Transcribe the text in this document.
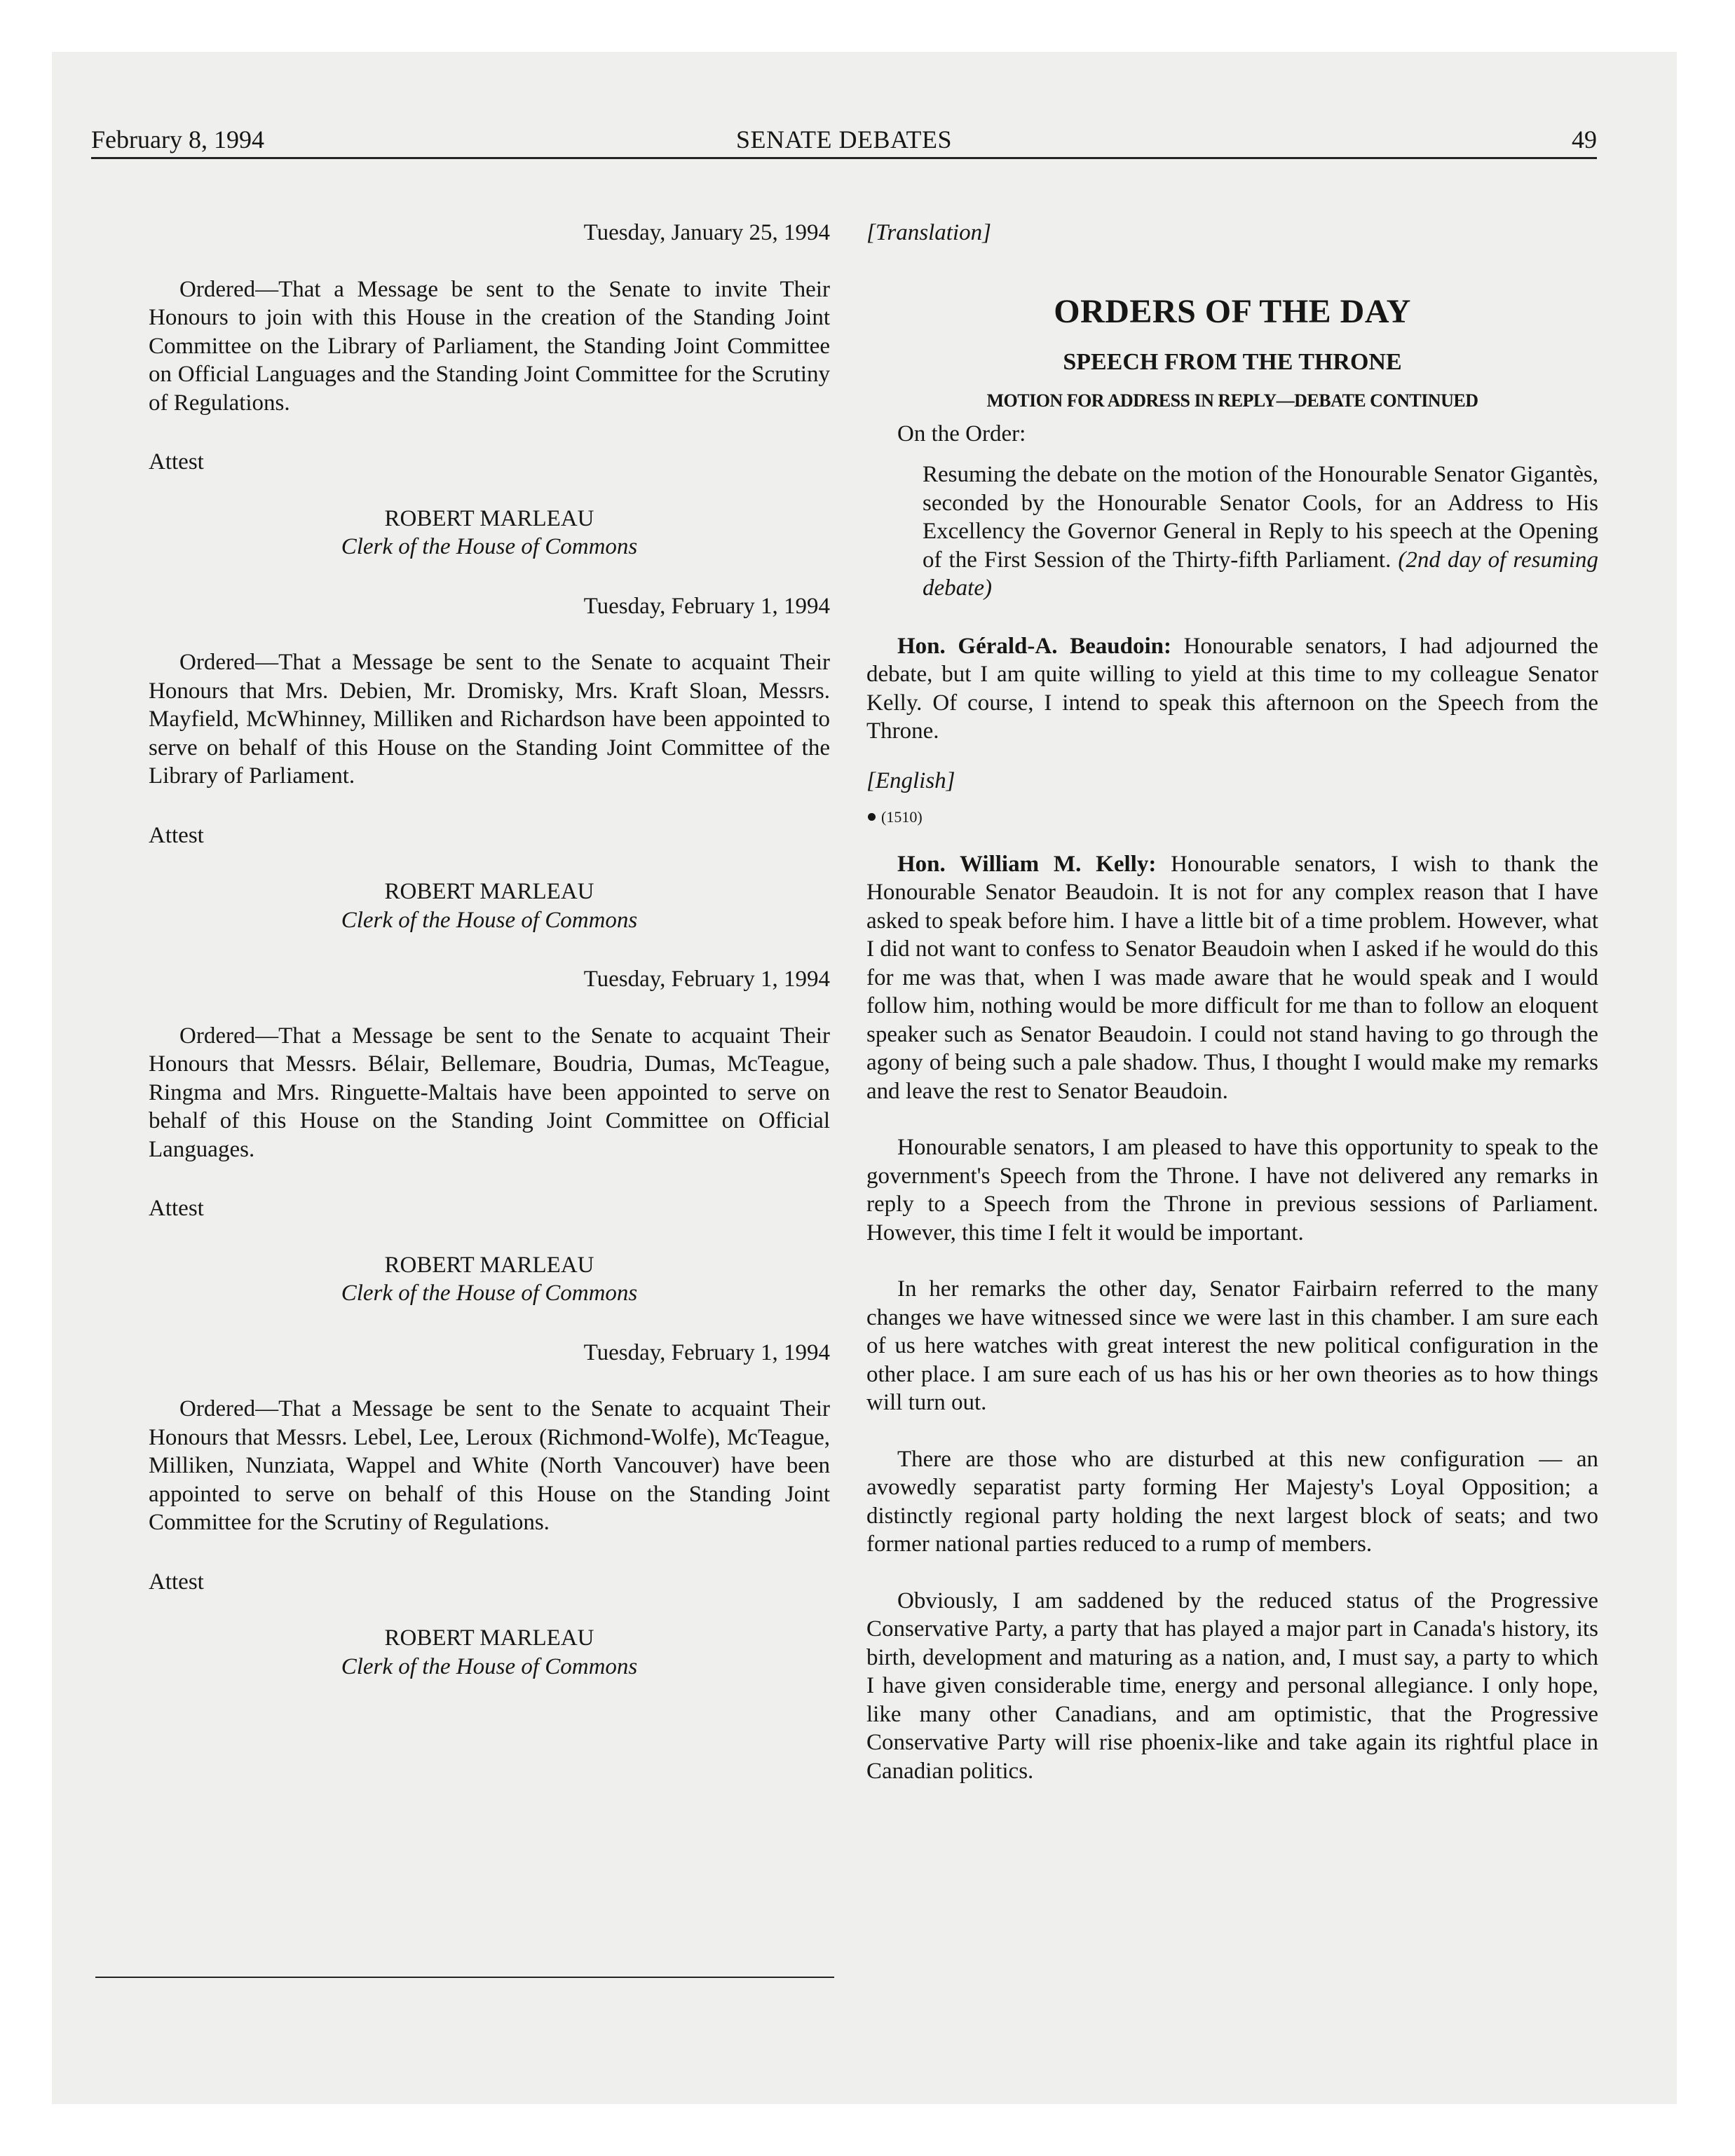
February 8, 1994	SENATE DEBATES	49

Tuesday, January 25, 1994

Ordered—That a Message be sent to the Senate to invite Their Honours to join with this House in the creation of the Standing Joint Committee on the Library of Parliament, the Standing Joint Committee on Official Languages and the Standing Joint Committee for the Scrutiny of Regulations.

Attest

ROBERT MARLEAU

Clerk of the House of Commons

Tuesday, February 1, 1994

Ordered—That a Message be sent to the Senate to acquaint Their Honours that Mrs. Debien, Mr. Dromisky, Mrs. Kraft Sloan, Messrs. Mayfield, McWhinney, Milliken and Richardson have been appointed to serve on behalf of this House on the Standing Joint Committee of the Library of Parliament.

Attest

ROBERT MARLEAU

Clerk of the House of Commons

Tuesday, February 1, 1994

Ordered—That a Message be sent to the Senate to acquaint Their Honours that Messrs. Bélair, Bellemare, Boudria, Dumas, McTeague, Ringma and Mrs. Ringuette-Maltais have been appointed to serve on behalf of this House on the Standing Joint Committee on Official Languages.

Attest

ROBERT MARLEAU

Clerk of the House of Commons

Tuesday, February 1, 1994

Ordered—That a Message be sent to the Senate to acquaint Their Honours that Messrs. Lebel, Lee, Leroux (Richmond-Wolfe), McTeague, Milliken, Nunziata, Wappel and White (North Vancouver) have been appointed to serve on behalf of this House on the Standing Joint Committee for the Scrutiny of Regulations.

Attest

ROBERT MARLEAU

Clerk of the House of Commons

[Translation]

ORDERS OF THE DAY

SPEECH FROM THE THRONE

MOTION FOR ADDRESS IN REPLY—DEBATE CONTINUED

On the Order:

Resuming the debate on the motion of the Honourable Senator Gigantès, seconded by the Honourable Senator Cools, for an Address to His Excellency the Governor General in Reply to his speech at the Opening of the First Session of the Thirty-fifth Parliament. (2nd day of resuming debate)

Hon. Gérald-A. Beaudoin: Honourable senators, I had adjourned the debate, but I am quite willing to yield at this time to my colleague Senator Kelly. Of course, I intend to speak this afternoon on the Speech from the Throne.

[English]

(1510)

Hon. William M. Kelly: Honourable senators, I wish to thank the Honourable Senator Beaudoin. It is not for any complex reason that I have asked to speak before him. I have a little bit of a time problem. However, what I did not want to confess to Senator Beaudoin when I asked if he would do this for me was that, when I was made aware that he would speak and I would follow him, nothing would be more difficult for me than to follow an eloquent speaker such as Senator Beaudoin. I could not stand having to go through the agony of being such a pale shadow. Thus, I thought I would make my remarks and leave the rest to Senator Beaudoin.

Honourable senators, I am pleased to have this opportunity to speak to the government's Speech from the Throne. I have not delivered any remarks in reply to a Speech from the Throne in previous sessions of Parliament. However, this time I felt it would be important.

In her remarks the other day, Senator Fairbairn referred to the many changes we have witnessed since we were last in this chamber. I am sure each of us here watches with great interest the new political configuration in the other place. I am sure each of us has his or her own theories as to how things will turn out.

There are those who are disturbed at this new configuration — an avowedly separatist party forming Her Majesty's Loyal Opposition; a distinctly regional party holding the next largest block of seats; and two former national parties reduced to a rump of members.

Obviously, I am saddened by the reduced status of the Progressive Conservative Party, a party that has played a major part in Canada's history, its birth, development and maturing as a nation, and, I must say, a party to which I have given considerable time, energy and personal allegiance. I only hope, like many other Canadians, and am optimistic, that the Progressive Conservative Party will rise phoenix-like and take again its rightful place in Canadian politics.
